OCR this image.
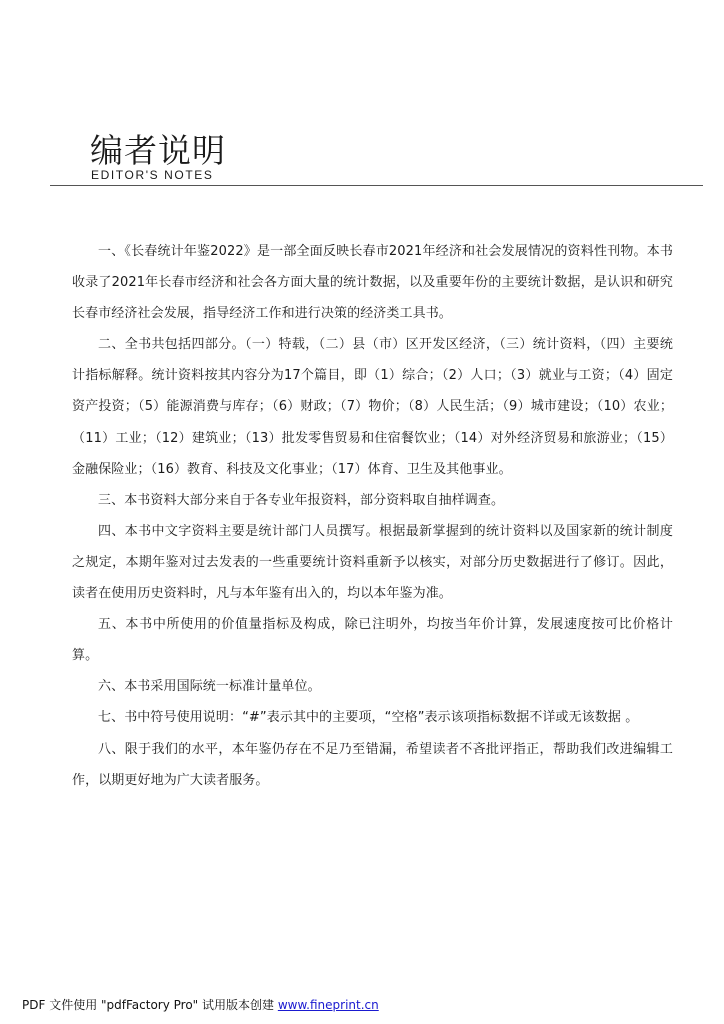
编者说明
EDITOR'S NOTES

一、《长春统计年鉴2022》是一部全面反映长春市2021年经济和社会发展情况的资料性刊物。本书收录了2021年长春市经济和社会各方面大量的统计数据，以及重要年份的主要统计数据，是认识和研究长春市经济社会发展，指导经济工作和进行决策的经济类工具书。

二、全书共包括四部分。（一）特载，（二）县（市）区开发区经济，（三）统计资料，（四）主要统计指标解释。统计资料按其内容分为17个篇目，即（1）综合；（2）人口；（3）就业与工资；（4）固定资产投资；（5）能源消费与库存；（6）财政；（7）物价；（8）人民生活；（9）城市建设；（10）农业；（11）工业；（12）建筑业；（13）批发零售贸易和住宿餐饮业；（14）对外经济贸易和旅游业；（15）金融保险业；（16）教育、科技及文化事业；（17）体育、卫生及其他事业。

三、本书资料大部分来自于各专业年报资料，部分资料取自抽样调查。

四、本书中文字资料主要是统计部门人员撰写。根据最新掌握到的统计资料以及国家新的统计制度之规定，本期年鉴对过去发表的一些重要统计资料重新予以核实，对部分历史数据进行了修订。因此，读者在使用历史资料时，凡与本年鉴有出入的，均以本年鉴为准。

五、本书中所使用的价值量指标及构成，除已注明外，均按当年价计算，发展速度按可比价格计算。

六、本书采用国际统一标准计量单位。

七、书中符号使用说明：“#”表示其中的主要项，“空格”表示该项指标数据不详或无该数据 。

八、限于我们的水平，本年鉴仍存在不足乃至错漏，希望读者不吝批评指正，帮助我们改进编辑工作，以期更好地为广大读者服务。

PDF 文件使用 "pdfFactory Pro" 试用版本创建 www.fineprint.cn
